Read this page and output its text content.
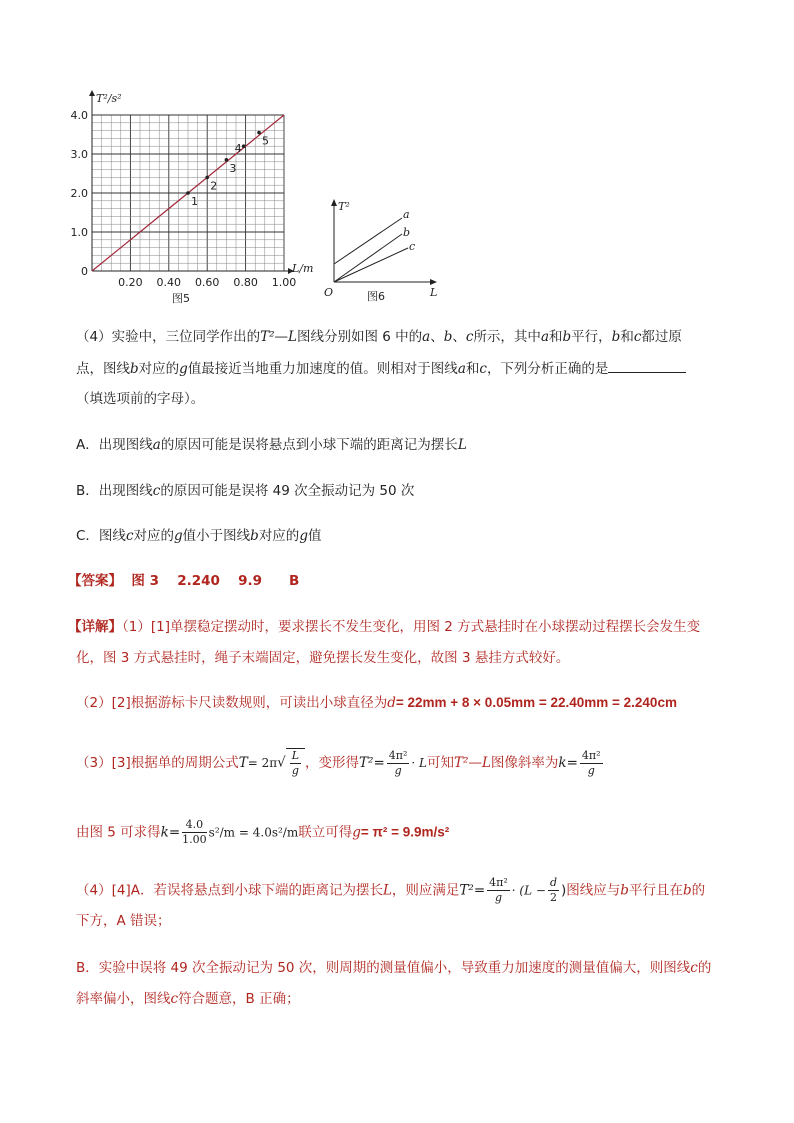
1
2
3
4
5
4.0
3.0
2.0
1.0
0
0.20 0.40 0.60 0.80 1.00
T²/s²
L/m
图5
T²
L
O
a
b
c
图6
（4）实验中，三位同学作出的T²—L图线分别如图 6 中的a、b、c所示，其中a和b平行，b和c都过原
点，图线b对应的g值最接近当地重力加速度的值。则相对于图线a和c，下列分析正确的是
（填选项前的字母）。
A．出现图线a的原因可能是误将悬点到小球下端的距离记为摆长L
B．出现图线c的原因可能是误将 49 次全振动记为 50 次
C．图线c对应的g值小于图线b对应的g值
【答案】 图 3　 2.240　 9.9　　B
【详解】（1）[1]单摆稳定摆动时，要求摆长不发生变化，用图 2 方式悬挂时在小球摆动过程摆长会发生变
化，图 3 方式悬挂时，绳子末端固定，避免摆长发生变化，故图 3 悬挂方式较好。
（2）[2]根据游标卡尺读数规则，可读出小球直径为d= 22mm + 8 × 0.05mm = 22.40mm = 2.240cm
（3）[3]根据单的周期公式$T= 2\pi√ \frac{L}{g}$ ，变形得$T^2= \frac{\text{4π²}}{g} \cdot L$可知T²—L图像斜率为$k= \frac{\text{4π²}}{g}$
由图 5 可求得$k= \frac{4.0}{1.00} s^2/m = 4.0s^2/m$联立可得g= π² = 9.9m/s²
（4）[4]A．若误将悬点到小球下端的距离记为摆长L，则应满足$T^2= \frac{\text{4π²}}{g} \cdot (L - \frac{d}{2}$ )图线应与b平行且在b的
下方，A 错误；
B．实验中误将 49 次全振动记为 50 次，则周期的测量值偏小，导致重力加速度的测量值偏大，则图线c的
斜率偏小，图线c符合题意，B 正确；
